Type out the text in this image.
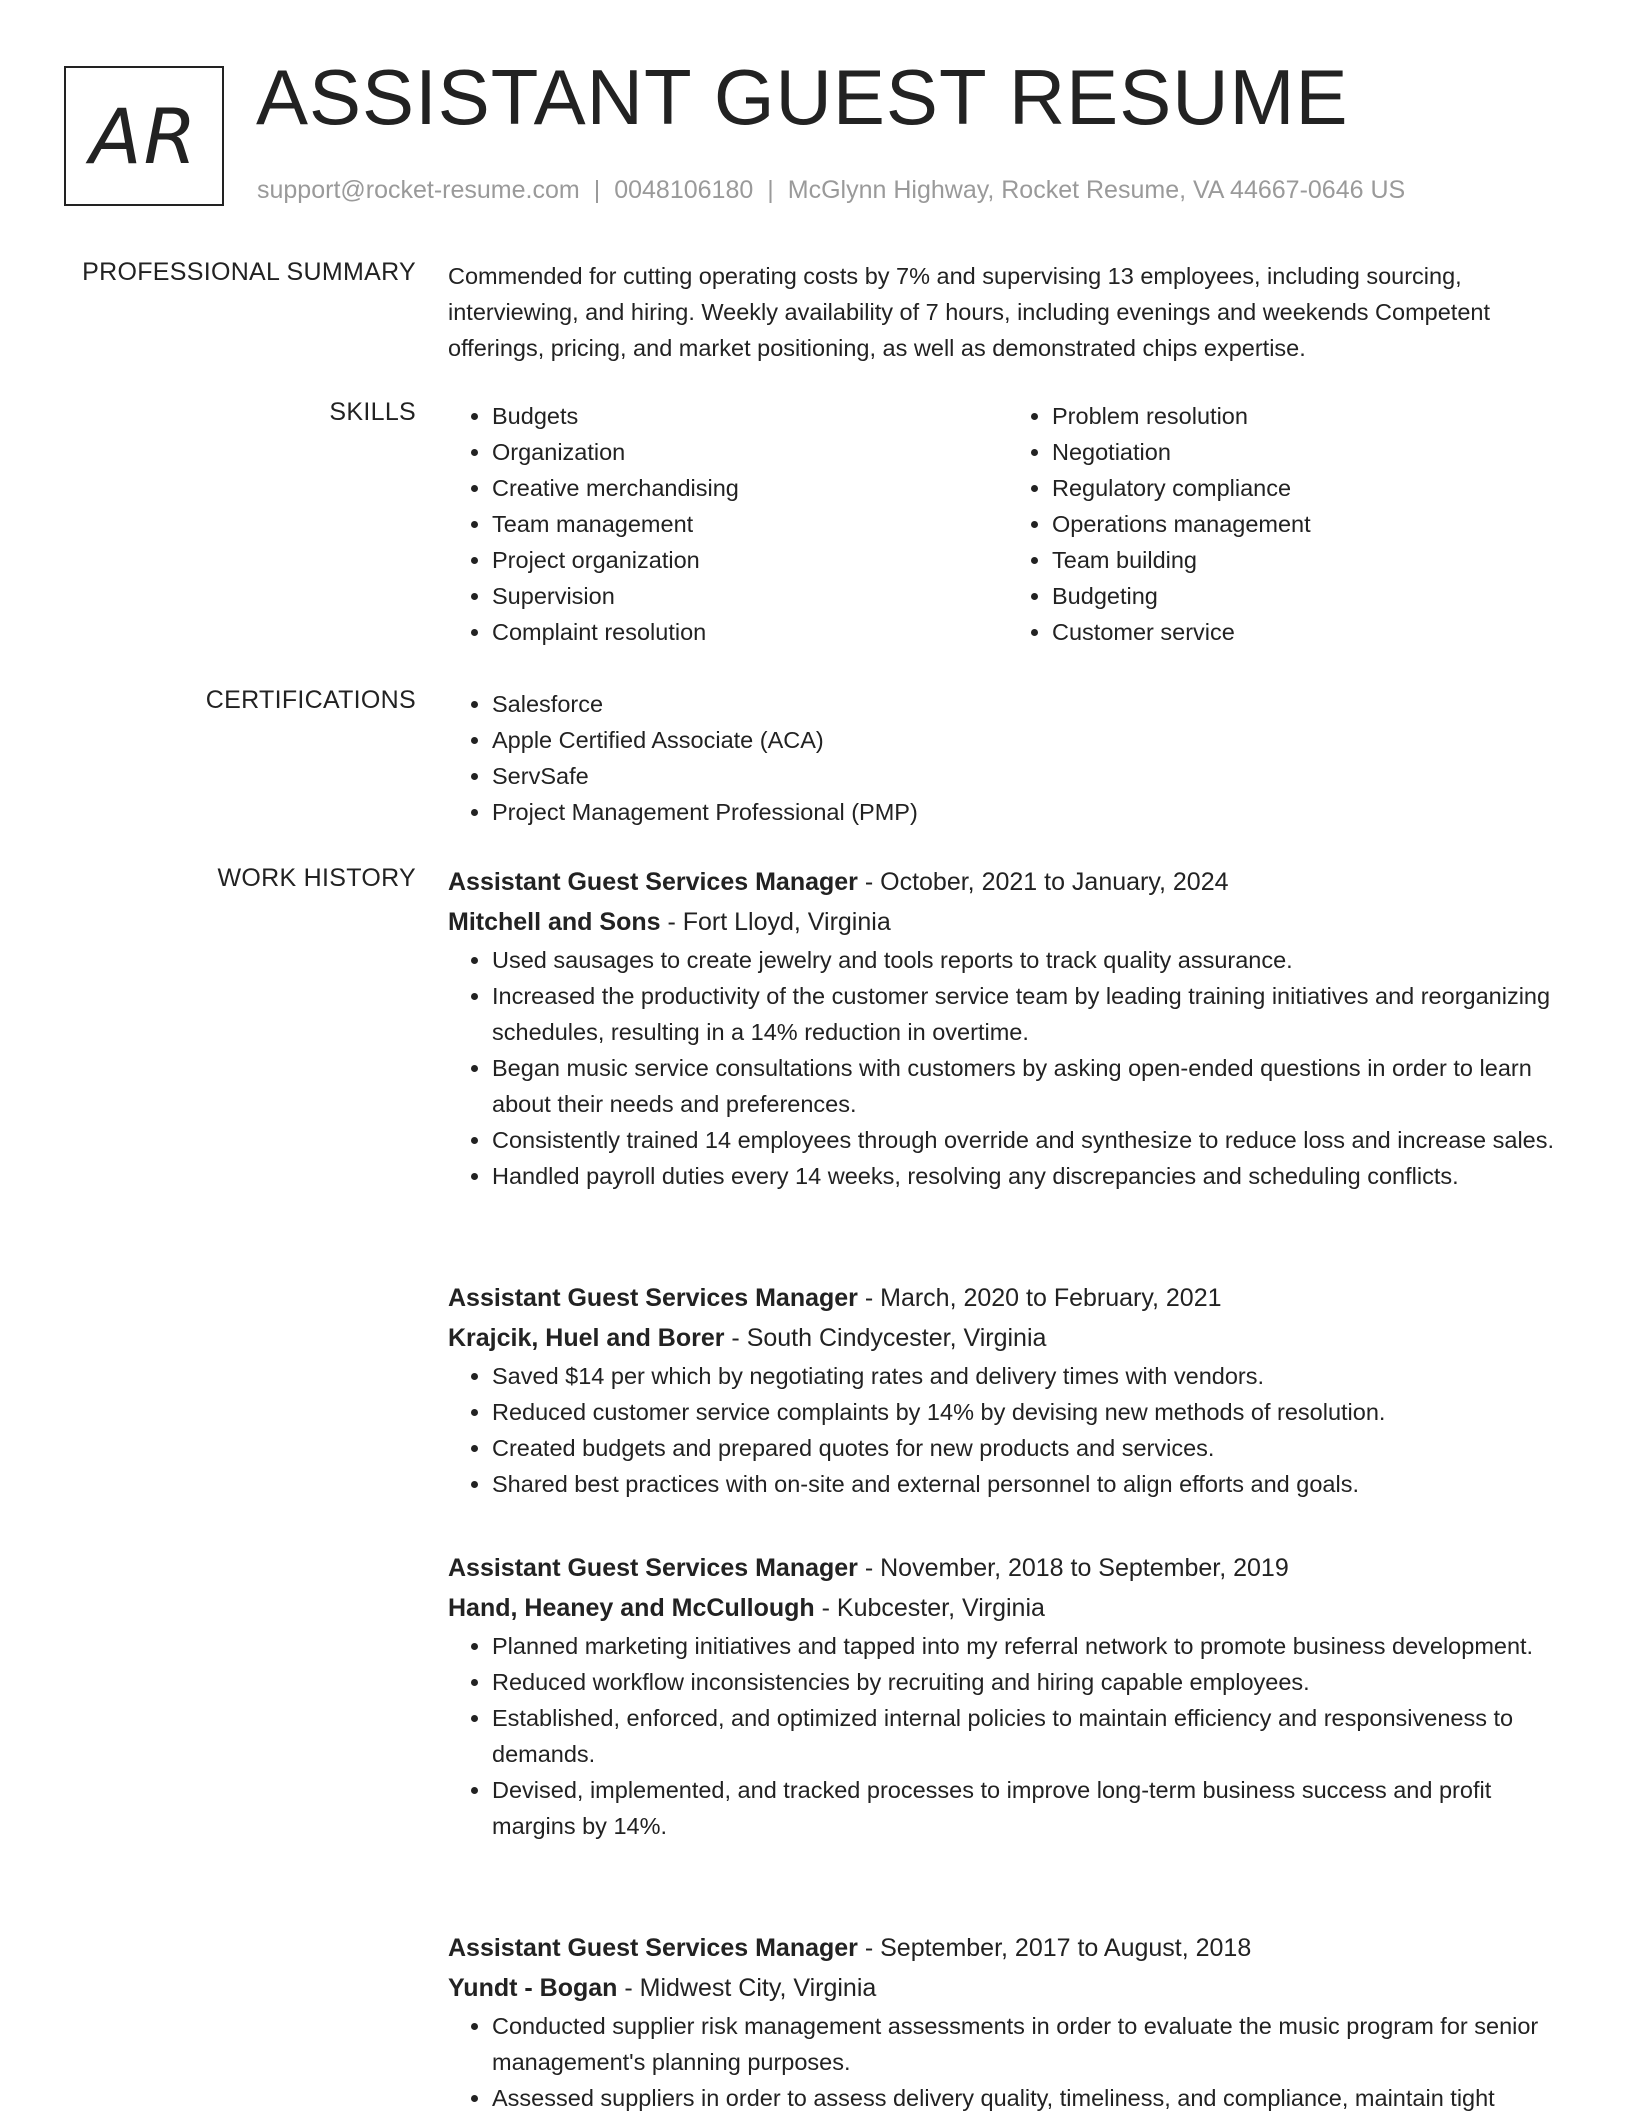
AR ASSISTANT GUEST RESUME
support@rocket-resume.com | 0048106180 | McGlynn Highway, Rocket Resume, VA 44667-0646 US
PROFESSIONAL SUMMARY Commended for cutting operating costs by 7% and supervising 13 employees, including sourcing, interviewing, and hiring. Weekly availability of 7 hours, including evenings and weekends Competent offerings, pricing, and market positioning, as well as demonstrated chips expertise.

SKILLS	• Budgets
• Organization
• Creative merchandising
• Team management
• Project organization
• Supervision
• Complaint resolution
• Problem resolution
• Negotiation
• Regulatory compliance
• Operations management
• Team building
• Budgeting
• Customer service
CERTIFICATIONS	• Salesforce
• Apple Certified Associate (ACA)
• ServSafe
• Project Management Professional (PMP)
WORK HISTORY Assistant Guest Services Manager - October, 2021 to January, 2024
Mitchell and Sons - Fort Lloyd, Virginia
• Used sausages to create jewelry and tools reports to track quality assurance.
• Increased the productivity of the customer service team by leading training initiatives and reorganizing schedules, resulting in a 14% reduction in overtime.
• Began music service consultations with customers by asking open-ended questions in order to learn about their needs and preferences.
• Consistently trained 14 employees through override and synthesize to reduce loss and increase sales.
• Handled payroll duties every 14 weeks, resolving any discrepancies and scheduling conflicts.
Assistant Guest Services Manager - March, 2020 to February, 2021
Krajcik, Huel and Borer - South Cindycester, Virginia
• Saved $14 per which by negotiating rates and delivery times with vendors.
• Reduced customer service complaints by 14% by devising new methods of resolution.
• Created budgets and prepared quotes for new products and services.
• Shared best practices with on-site and external personnel to align efforts and goals.
Assistant Guest Services Manager - November, 2018 to September, 2019
Hand, Heaney and McCullough - Kubcester, Virginia
• Planned marketing initiatives and tapped into my referral network to promote business development.
• Reduced workflow inconsistencies by recruiting and hiring capable employees.
• Established, enforced, and optimized internal policies to maintain efficiency and responsiveness to demands.
• Devised, implemented, and tracked processes to improve long-term business success and profit margins by 14%.
Assistant Guest Services Manager - September, 2017 to August, 2018
Yundt - Bogan - Midwest City, Virginia
• Conducted supplier risk management assessments in order to evaluate the music program for senior management's planning purposes.
• Assessed suppliers in order to assess delivery quality, timeliness, and compliance, maintain tight
